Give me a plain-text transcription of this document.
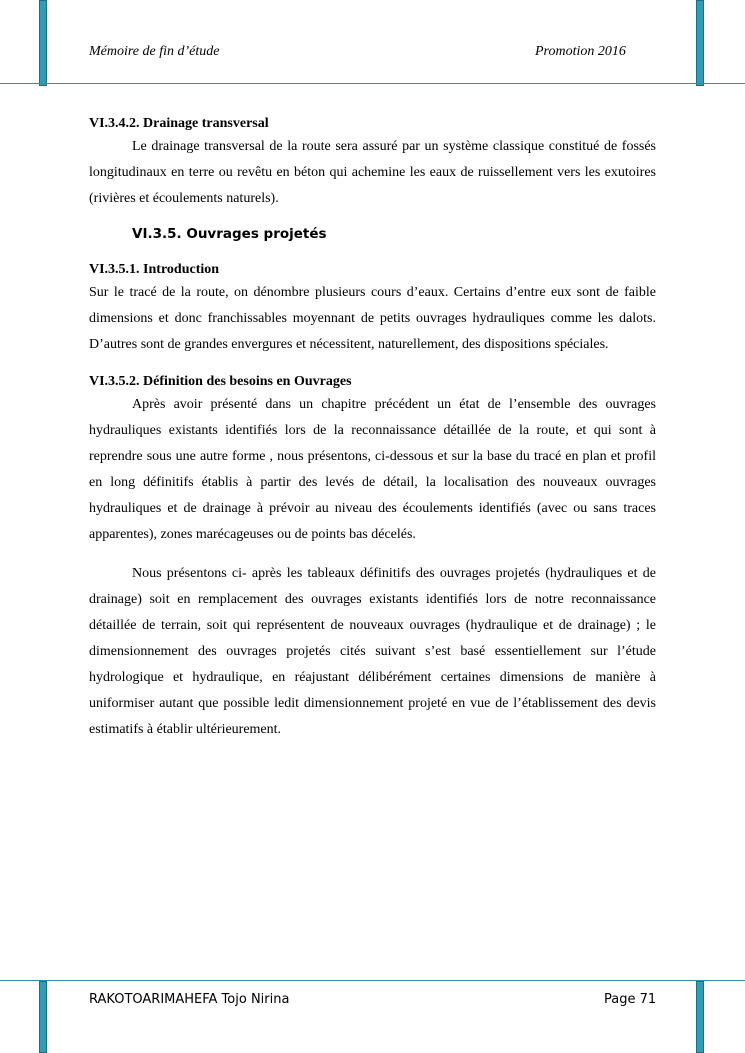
Mémoire de fin d’étude	Promotion 2016
VI.3.4.2. Drainage transversal

Le drainage transversal de la route sera assuré par un système classique constitué de fossés longitudinaux en terre ou revêtu en béton qui achemine les eaux de ruissellement vers les exutoires (rivières et écoulements naturels).

VI.3.5. Ouvrages projetés
VI.3.5.1. Introduction

Sur le tracé de la route, on dénombre plusieurs cours d’eaux. Certains d’entre eux sont de faible dimensions et donc franchissables moyennant de petits ouvrages hydrauliques comme les dalots. D’autres sont de grandes envergures et nécessitent, naturellement, des dispositions spéciales.

VI.3.5.2. Définition des besoins en Ouvrages

Après avoir présenté dans un chapitre précédent un état de l’ensemble des ouvrages hydrauliques existants identifiés lors de la reconnaissance détaillée de la route, et qui sont à reprendre sous une autre forme , nous présentons, ci-dessous et sur la base du tracé en plan et profil en long définitifs établis à partir des levés de détail, la localisation des nouveaux ouvrages hydrauliques et de drainage à prévoir au niveau des écoulements identifiés (avec ou sans traces apparentes), zones marécageuses ou de points bas décelés.

Nous présentons ci- après les tableaux définitifs des ouvrages projetés (hydrauliques et de drainage) soit en remplacement des ouvrages existants identifiés lors de notre reconnaissance détaillée de terrain, soit qui représentent de nouveaux ouvrages (hydraulique et de drainage) ; le dimensionnement des ouvrages projetés cités suivant s’est basé essentiellement sur l’étude hydrologique et hydraulique, en réajustant délibérément certaines dimensions de manière à uniformiser autant que possible ledit dimensionnement projeté en vue de l’établissement des devis estimatifs à établir ultérieurement.

RAKOTOARIMAHEFA Tojo Nirina	Page 71
